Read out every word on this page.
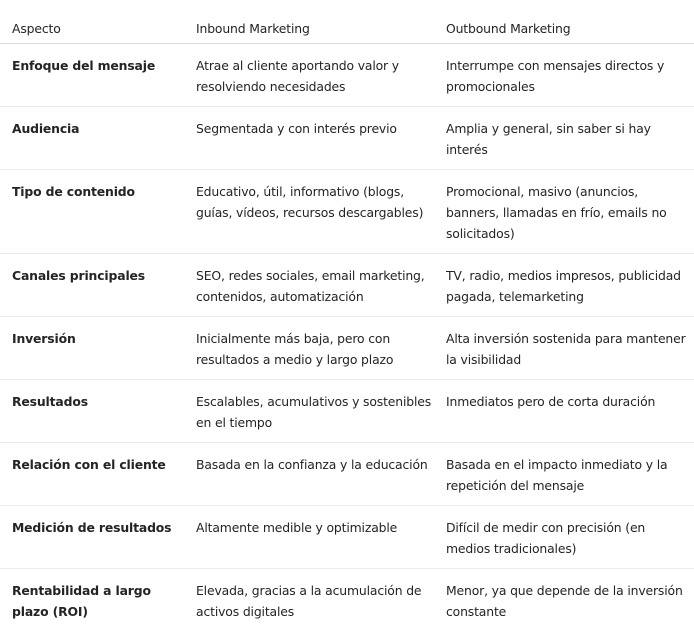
Aspecto	Inbound Marketing	Outbound Marketing
Enfoque del mensaje	Atrae al cliente aportando valor y resolviendo necesidades	Interrumpe con mensajes directos y promocionales
Audiencia	Segmentada y con interés previo	Amplia y general, sin saber si hay interés
Tipo de contenido	Educativo, útil, informativo (blogs, guías, vídeos, recursos descargables)	Promocional, masivo (anuncios, banners, llamadas en frío, emails no solicitados)
Canales principales	SEO, redes sociales, email marketing, contenidos, automatización	TV, radio, medios impresos, publicidad pagada, telemarketing
Inversión	Inicialmente más baja, pero con resultados a medio y largo plazo	Alta inversión sostenida para mantener la visibilidad
Resultados	Escalables, acumulativos y sostenibles en el tiempo	Inmediatos pero de corta duración
Relación con el cliente	Basada en la confianza y la educación	Basada en el impacto inmediato y la repetición del mensaje
Medición de resultados	Altamente medible y optimizable	Difícil de medir con precisión (en medios tradicionales)
Rentabilidad a largo plazo (ROI)	Elevada, gracias a la acumulación de activos digitales	Menor, ya que depende de la inversión constante
